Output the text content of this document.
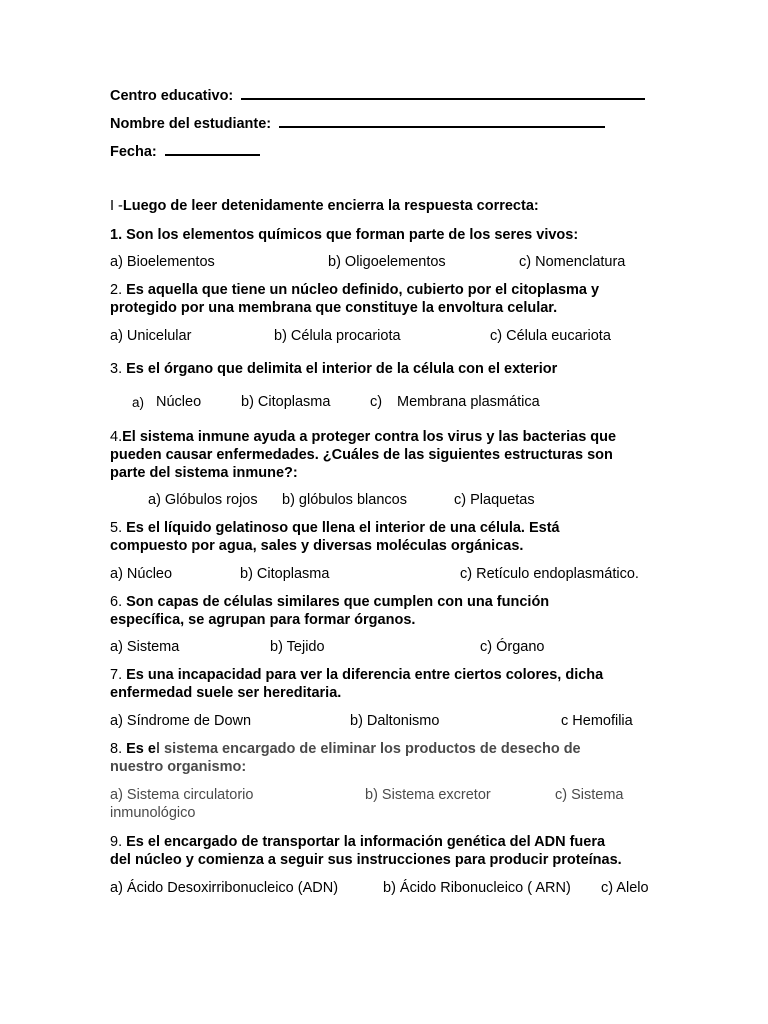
Centro educativo:
Nombre del estudiante:
Fecha:
I -Luego de leer detenidamente encierra la respuesta correcta:
1. Son los elementos químicos que forman parte de los seres vivos:
a) Bioelementos	b) Oligoelementos	c) Nomenclatura
2. Es aquella que tiene un núcleo definido, cubierto por el citoplasma y
protegido por una membrana que constituye la envoltura celular.
a) Unicelular	b) Célula procariota	c) Célula eucariota
3. Es el órgano que delimita el interior de la célula con el exterior
a) Núcleo	b) Citoplasma	c) Membrana plasmática
4.El sistema inmune ayuda a proteger contra los virus y las bacterias que
pueden causar enfermedades. ¿Cuáles de las siguientes estructuras son
parte del sistema inmune?:
a) Glóbulos rojos b) glóbulos blancos	c) Plaquetas
5. Es el líquido gelatinoso que llena el interior de una célula. Está
compuesto por agua, sales y diversas moléculas orgánicas.
a) Núcleo	b) Citoplasma	c) Retículo endoplasmático.
6. Son capas de células similares que cumplen con una función
específica, se agrupan para formar órganos.
a) Sistema	b) Tejido	c) Órgano
7. Es una incapacidad para ver la diferencia entre ciertos colores, dicha
enfermedad suele ser hereditaria.
a) Síndrome de Down	b) Daltonismo	c Hemofilia
8. Es el sistema encargado de eliminar los productos de desecho de
nuestro organismo:
a) Sistema circulatorio	b) Sistema excretor	c) Sistema
inmunológico
9. Es el encargado de transportar la información genética del ADN fuera
del núcleo y comienza a seguir sus instrucciones para producir proteínas.
a) Ácido Desoxirribonucleico (ADN)	b) Ácido Ribonucleico ( ARN) c) Alelo
